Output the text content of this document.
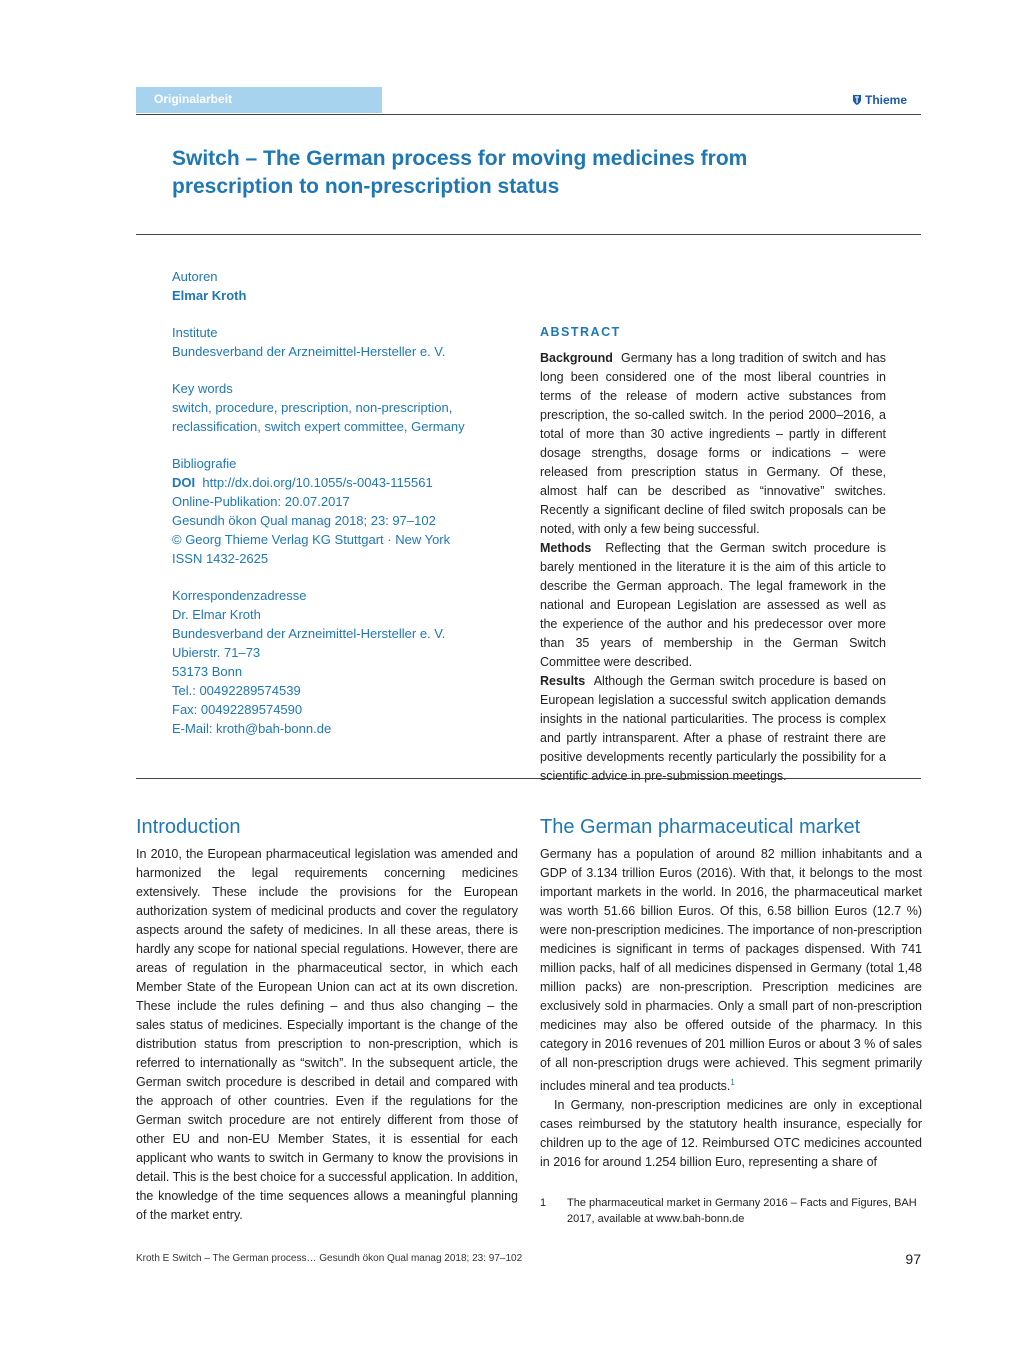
Originalarbeit	Thieme
Switch – The German process for moving medicines from prescription to non-prescription status
Autoren
Elmar Kroth
Institute
Bundesverband der Arzneimittel-Hersteller e. V.
Key words
switch, procedure, prescription, non-prescription, reclassification, switch expert committee, Germany
Bibliografie
DOI http://dx.doi.org/10.1055/s-0043-115561
Online-Publikation: 20.07.2017
Gesundh ökon Qual manag 2018; 23: 97–102
© Georg Thieme Verlag KG Stuttgart · New York
ISSN 1432-2625
Korrespondenzadresse
Dr. Elmar Kroth
Bundesverband der Arzneimittel-Hersteller e. V.
Ubierstr. 71–73
53173 Bonn
Tel.: 00492289574539
Fax: 00492289574590
E-Mail: kroth@bah-bonn.de
ABSTRACT

Background Germany has a long tradition of switch and has long been considered one of the most liberal countries in terms of the release of modern active substances from prescription, the so-called switch. In the period 2000–2016, a total of more than 30 active ingredients – partly in different dosage strengths, dosage forms or indications – were released from prescription status in Germany. Of these, almost half can be described as “innovative” switches. Recently a significant decline of filed switch proposals can be noted, with only a few being successful.

Methods Reflecting that the German switch procedure is barely mentioned in the literature it is the aim of this article to describe the German approach. The legal framework in the national and European Legislation are assessed as well as the experience of the author and his predecessor over more than 35 years of membership in the German Switch Committee were described.

Results Although the German switch procedure is based on European legislation a successful switch application demands insights in the national particularities. The process is complex and partly intransparent. After a phase of restraint there are positive developments recently particularly the possibility for a scientific advice in pre-submission meetings.

Introduction

In 2010, the European pharmaceutical legislation was amended and harmonized the legal requirements concerning medicines extensively. These include the provisions for the European authorization system of medicinal products and cover the regulatory aspects around the safety of medicines. In all these areas, there is hardly any scope for national special regulations. However, there are areas of regulation in the pharmaceutical sector, in which each Member State of the European Union can act at its own discretion. These include the rules defining – and thus also changing – the sales status of medicines. Especially important is the change of the distribution status from prescription to non-prescription, which is referred to internationally as “switch”. In the subsequent article, the German switch procedure is described in detail and compared with the approach of other countries. Even if the regulations for the German switch procedure are not entirely different from those of other EU and non-EU Member States, it is essential for each applicant who wants to switch in Germany to know the provisions in detail. This is the best choice for a successful application. In addition, the knowledge of the time sequences allows a meaningful planning of the market entry.

The German pharmaceutical market

Germany has a population of around 82 million inhabitants and a GDP of 3.134 trillion Euros (2016). With that, it belongs to the most important markets in the world. In 2016, the pharmaceutical market was worth 51.66 billion Euros. Of this, 6.58 billion Euros (12.7 %) were non-prescription medicines. The importance of non-prescription medicines is significant in terms of packages dispensed. With 741 million packs, half of all medicines dispensed in Germany (total 1,48 million packs) are non-prescription. Prescription medicines are exclusively sold in pharmacies. Only a small part of non-prescription medicines may also be offered outside of the pharmacy. In this category in 2016 revenues of 201 million Euros or about 3 % of sales of all non-prescription drugs were achieved. This segment primarily includes mineral and tea products.$^1$

In Germany, non-prescription medicines are only in exceptional cases reimbursed by the statutory health insurance, especially for children up to the age of 12. Reimbursed OTC medicines accounted in 2016 for around 1.254 billion Euro, representing a share of

1	The pharmaceutical market in Germany 2016 – Facts and Figures, BAH 2017, available at www.bah-bonn.de
Kroth E Switch – The German process… Gesundh ökon Qual manag 2018; 23: 97–102	97
